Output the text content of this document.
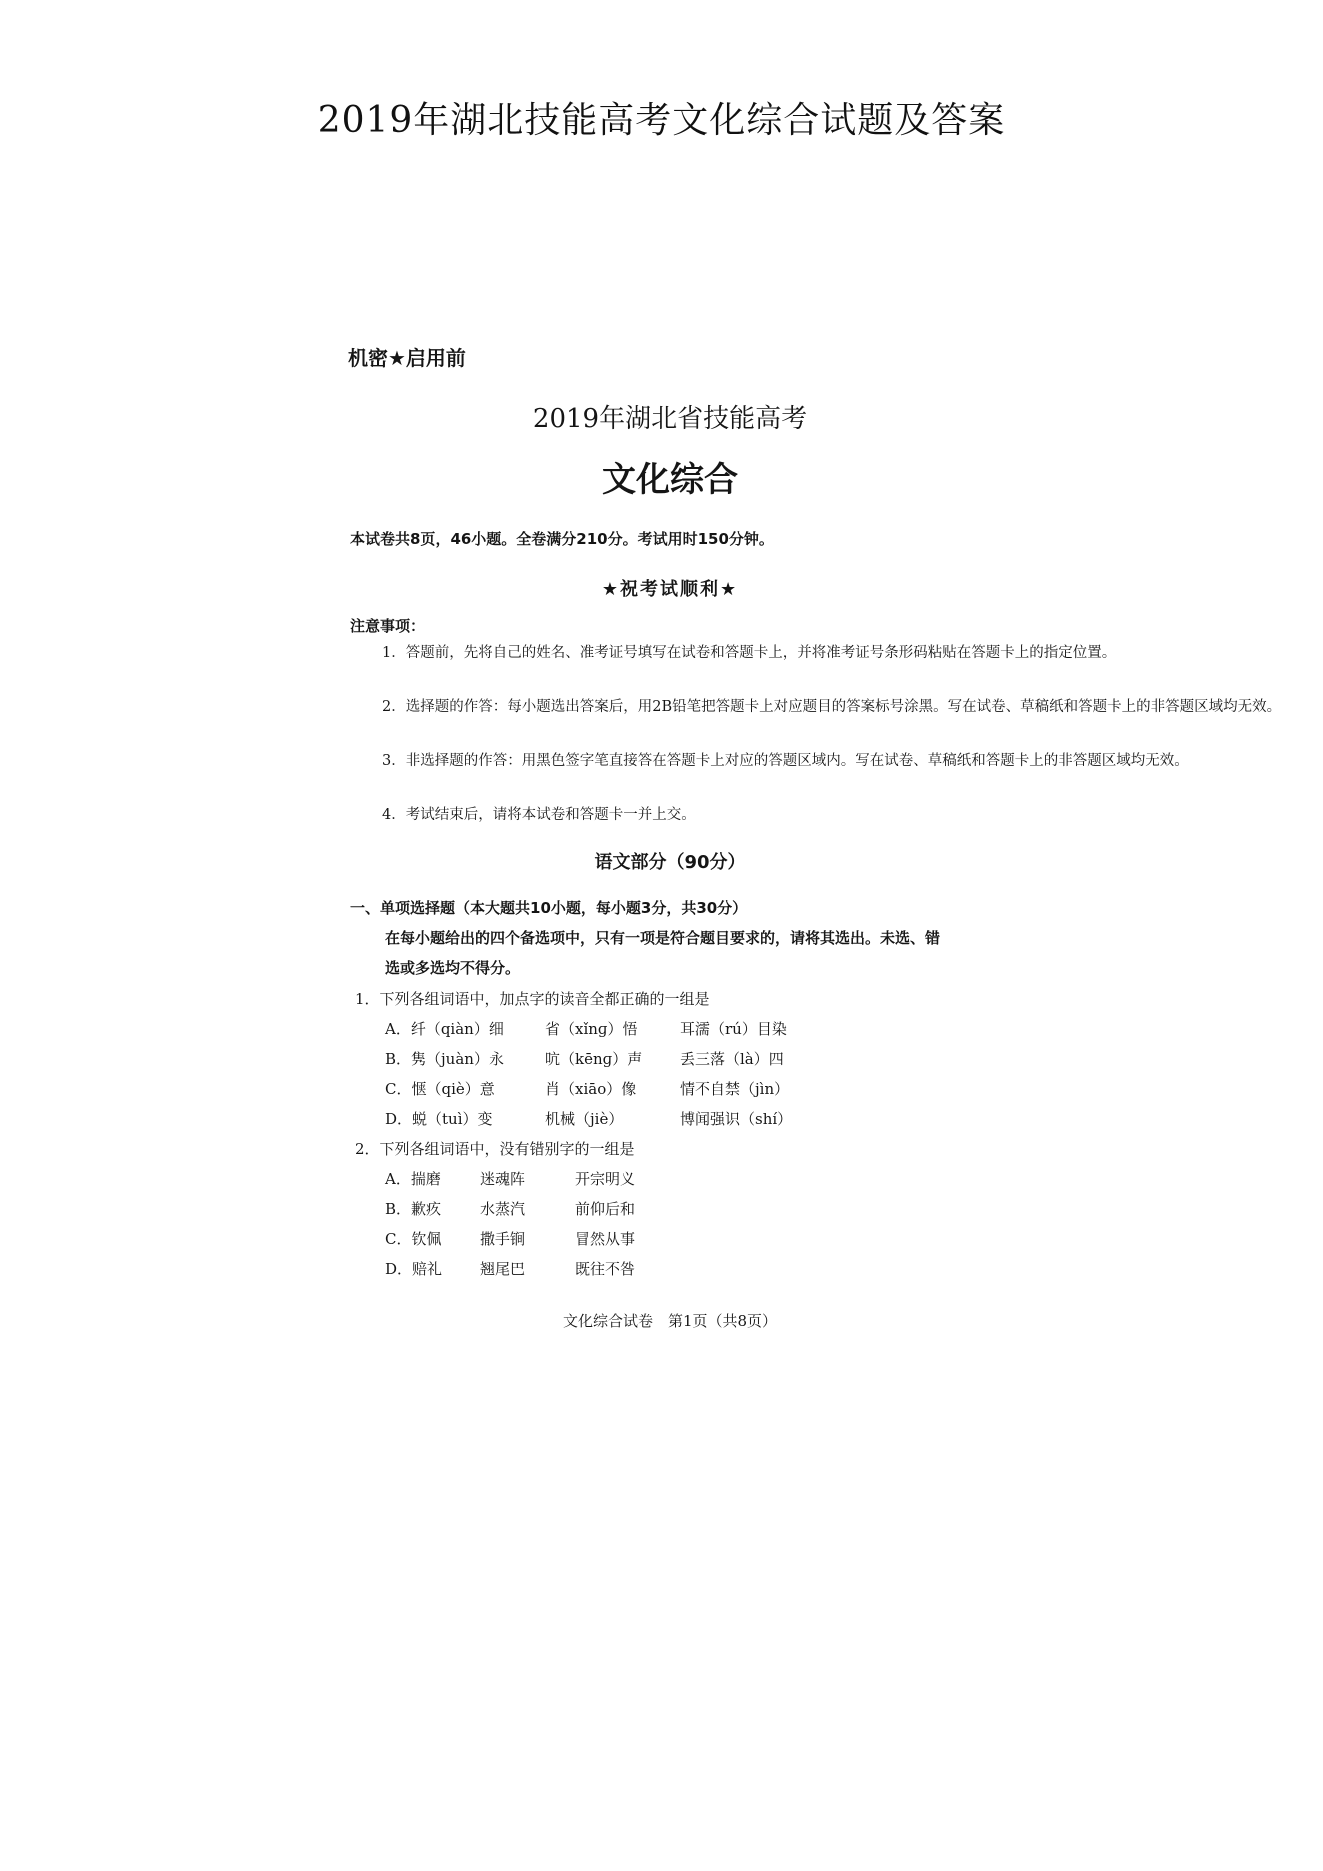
2019年湖北技能高考文化综合试题及答案
机密★启用前
2019年湖北省技能高考
文化综合
本试卷共8页，46小题。全卷满分210分。考试用时150分钟。
★祝考试顺利★
注意事项：
1．答题前，先将自己的姓名、准考证号填写在试卷和答题卡上，并将准考证号条形码粘贴在答题卡上的指定位置。
2．选择题的作答：每小题选出答案后，用2B铅笔把答题卡上对应题目的答案标号涂黑。写在试卷、草稿纸和答题卡上的非答题区域均无效。
3．非选择题的作答：用黑色签字笔直接答在答题卡上对应的答题区域内。写在试卷、草稿纸和答题卡上的非答题区域均无效。
4．考试结束后，请将本试卷和答题卡一并上交。
语文部分（90分）
一、单项选择题（本大题共10小题，每小题3分，共30分）
在每小题给出的四个备选项中，只有一项是符合题目要求的，请将其选出。未选、错
选或多选均不得分。
1．下列各组词语中，加点字的读音全都正确的一组是
A．纤（qiàn）细	省（xǐnɡ）悟	耳濡（rú）目染
B．隽（juàn）永	吭（kēnɡ）声	丢三落（là）四
C．惬（qiè）意	肖（xiāo）像	情不自禁（jìn）
D．蜕（tuì）变	机械（jiè）	博闻强识（shí）
2．下列各组词语中，没有错别字的一组是
A．揣磨	迷魂阵	开宗明义
B．歉疚	水蒸汽	前仰后和
C．钦佩	撒手锏	冒然从事
D．赔礼	翘尾巴	既往不咎
文化综合试卷　第1页（共8页）
